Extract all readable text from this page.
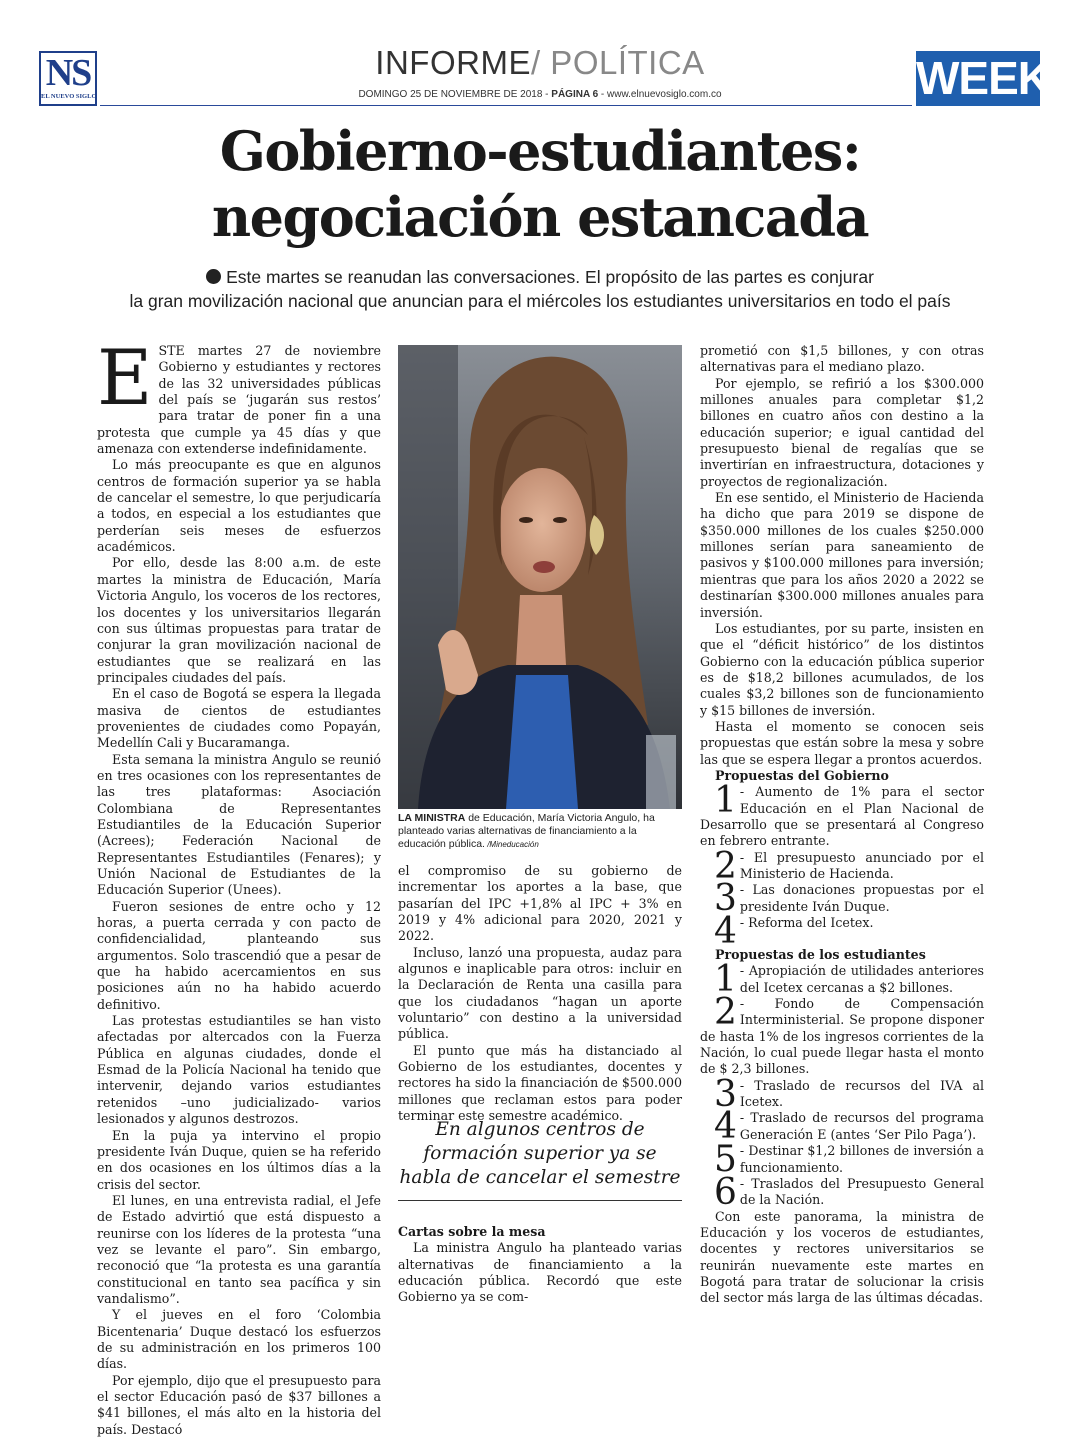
NS
EL NUEVO SIGLO
INFORME/ POLÍTICA
DOMINGO 25 DE NOVIEMBRE DE 2018 - PÁGINA 6 - www.elnuevosiglo.com.co	WEEK
Gobierno-estudiantes:
negociación estancada
Este martes se reanudan las conversaciones. El propósito de las partes es conjurar
la gran movilización nacional que anuncian para el miércoles los estudiantes universitarios en todo el país

ESTE martes 27 de noviembre Gobierno y estudiantes y rectores de las 32 universidades públicas del país se ‘jugarán sus restos’ para tratar de poner fin a una protesta que cumple ya 45 días y que amenaza con extenderse indefinidamente.

Lo más preocupante es que en algunos centros de formación superior ya se habla de cancelar el semestre, lo que perjudicaría a todos, en especial a los estudiantes que perderían seis meses de esfuerzos académicos.

Por ello, desde las 8:00 a.m. de este martes la ministra de Educación, María Victoria Angulo, los voceros de los rectores, los docentes y los universitarios llegarán con sus últimas propuestas para tratar de conjurar la gran movilización nacional de estudiantes que se realizará en las principales ciudades del país.

En el caso de Bogotá se espera la llegada masiva de cientos de estudiantes provenientes de ciudades como Popayán, Medellín Cali y Bucaramanga.

Esta semana la ministra Angulo se reunió en tres ocasiones con los representantes de las tres plataformas: Asociación Colombiana de Representantes Estudiantiles de la Educación Superior (Acrees); Federación Nacional de Representantes Estudiantiles (Fenares); y Unión Nacional de Estudiantes de la Educación Superior (Unees).

Fueron sesiones de entre ocho y 12 horas, a puerta cerrada y con pacto de confidencialidad, planteando sus argumentos. Solo trascendió que a pesar de que ha habido acercamientos en sus posiciones aún no ha habido acuerdo definitivo.

Las protestas estudiantiles se han visto afectadas por altercados con la Fuerza Pública en algunas ciudades, donde el Esmad de la Policía Nacional ha tenido que intervenir, dejando varios estudiantes retenidos –uno judicializado- varios lesionados y algunos destrozos.

En la puja ya intervino el propio presidente Iván Duque, quien se ha referido en dos ocasiones en los últimos días a la crisis del sector.

El lunes, en una entrevista radial, el Jefe de Estado advirtió que está dispuesto a reunirse con los líderes de la protesta “una vez se levante el paro”. Sin embargo, reconoció que “la protesta es una garantía constitucional en tanto sea pacífica y sin vandalismo”.

Y el jueves en el foro ‘Colombia Bicentenaria’ Duque destacó los esfuerzos de su administración en los primeros 100 días.

Por ejemplo, dijo que el presupuesto para el sector Educación pasó de $37 billones a $41 billones, el más alto en la historia del país. Destacó

LA MINISTRA de Educación, María Victoria Angulo, ha planteado varias alternativas de financiamiento a la educación pública. /Mineducación

el compromiso de su gobierno de incrementar los aportes a la base, que pasarían del IPC +1,8% al IPC + 3% en 2019 y 4% adicional para 2020, 2021 y 2022.

Incluso, lanzó una propuesta, audaz para algunos e inaplicable para otros: incluir en la Declaración de Renta una casilla para que los ciudadanos “hagan un aporte voluntario” con destino a la universidad pública.

El punto que más ha distanciado al Gobierno de los estudiantes, docentes y rectores ha sido la financiación de $500.000 millones que reclaman estos para poder terminar este semestre académico.

En algunos centros de formación superior ya se habla de cancelar el semestre

Cartas sobre la mesa

La ministra Angulo ha planteado varias alternativas de financiamiento a la educación pública. Recordó que este Gobierno ya se com-

prometió con $1,5 billones, y con otras alternativas para el mediano plazo.

Por ejemplo, se refirió a los $300.000 millones anuales para completar $1,2 billones en cuatro años con destino a la educación superior; e igual cantidad del presupuesto bienal de regalías que se invertirían en infraestructura, dotaciones y proyectos de regionalización.

En ese sentido, el Ministerio de Hacienda ha dicho que para 2019 se dispone de $350.000 millones de los cuales $250.000 millones serían para saneamiento de pasivos y $100.000 millones para inversión; mientras que para los años 2020 a 2022 se destinarían $300.000 millones anuales para inversión.

Los estudiantes, por su parte, insisten en que el “déficit histórico” de los distintos Gobierno con la educación pública superior es de $18,2 billones acumulados, de los cuales $3,2 billones son de funcionamiento y $15 billones de inversión.

Hasta el momento se conocen seis propuestas que están sobre la mesa y sobre las que se espera llegar a prontos acuerdos.

Propuestas del Gobierno

1 - Aumento de 1% para el sector Educación en el Plan Nacional de Desarrollo que se presentará al Congreso en febrero entrante.

2 - El presupuesto anunciado por el Ministerio de Hacienda.

3 - Las donaciones propuestas por el presidente Iván Duque.

4 - Reforma del Icetex.

Propuestas de los estudiantes

1 - Apropiación de utilidades anteriores del Icetex cercanas a $2 billones.

2 - Fondo de Compensación Interministerial. Se propone disponer de hasta 1% de los ingresos corrientes de la Nación, lo cual puede llegar hasta el monto de $ 2,3 billones.

3 - Traslado de recursos del IVA al Icetex.

4 - Traslado de recursos del programa Generación E (antes ‘Ser Pilo Paga’).

5 - Destinar $1,2 billones de inversión a funcionamiento.

6 - Traslados del Presupuesto General de la Nación.

Con este panorama, la ministra de Educación y los voceros de estudiantes, docentes y rectores universitarios se reunirán nuevamente este martes en Bogotá para tratar de solucionar la crisis del sector más larga de las últimas décadas.
